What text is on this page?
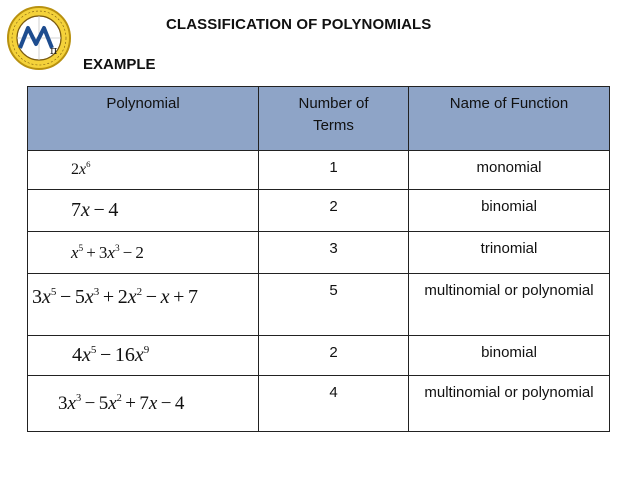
π
CLASSIFICATION OF POLYNOMIALS
EXAMPLE
Polynomial	Number of Terms	Name of Function

$2x^6$	1	monomial
7x − 4	2	binomial
$x^5 + 3x^3 - 2$	3	trinomial
$3x^5 - 5x^3 + 2x^2 - x + 7$	5	multinomial or polynomial
$4x^5 - 16x^9$	2	binomial
$3x^3 - 5x^2 + 7x - 4$	4	multinomial or polynomial
